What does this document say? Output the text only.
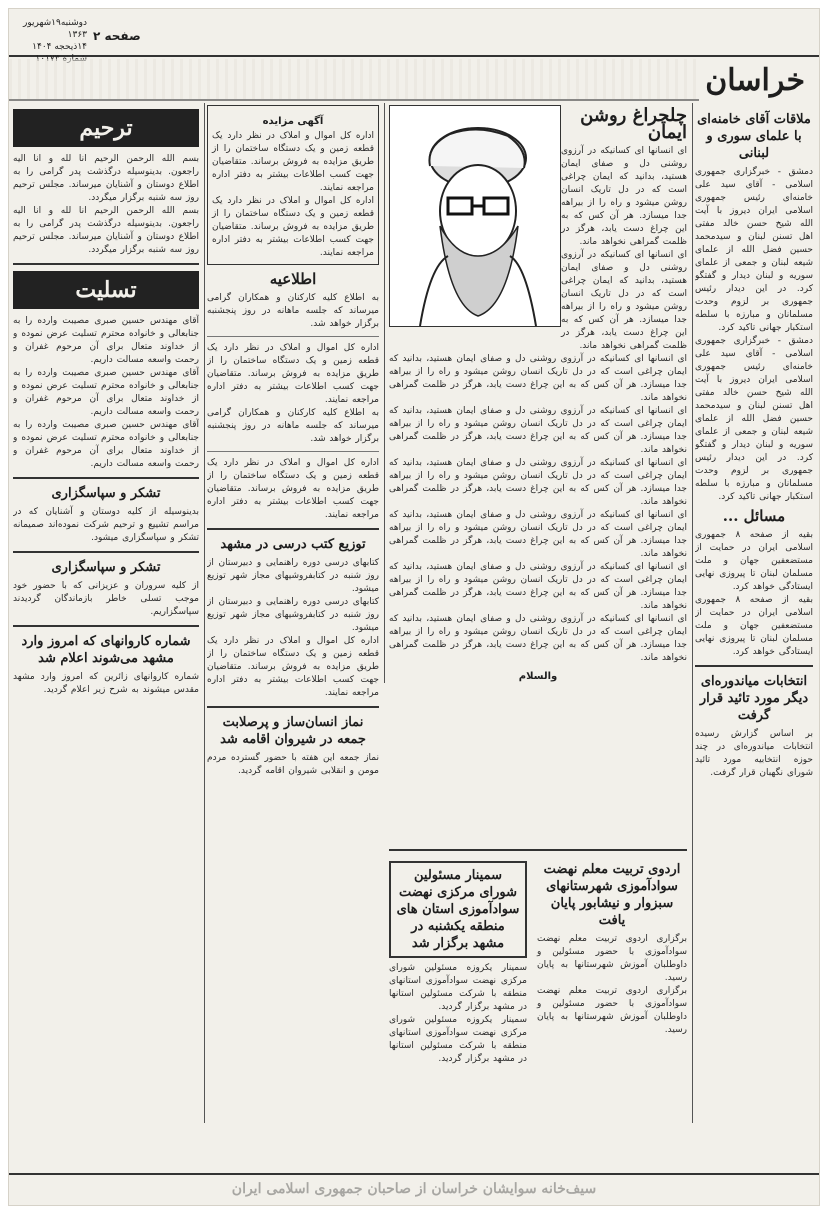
دوشنبه۱۹شهریور ۱۳۶۳
۱۴ذیحجه ۱۴۰۴
صفحه ۲
خراسان
ملاقات آقای خامنه‌ای با علمای سوری و لبنانی
دمشق - خبرگزاری جمهوری اسلامی - آقای سید علی خامنه‌ای رئیس جمهوری اسلامی ایران دیروز با آیت الله شیخ حسن خالد مفتی اهل تسنن لبنان و سیدمحمد حسین فضل الله از علمای شیعه لبنان و جمعی از علمای سوریه و لبنان دیدار و گفتگو کرد. در این دیدار رئیس جمهوری بر لزوم وحدت مسلمانان و مبارزه با سلطه استکبار جهانی تاکید کرد.
دمشق - خبرگزاری جمهوری اسلامی - آقای سید علی خامنه‌ای رئیس جمهوری اسلامی ایران دیروز با آیت الله شیخ حسن خالد مفتی اهل تسنن لبنان و سیدمحمد حسین فضل الله از علمای شیعه لبنان و جمعی از علمای سوریه و لبنان دیدار و گفتگو کرد. در این دیدار رئیس جمهوری بر لزوم وحدت مسلمانان و مبارزه با سلطه استکبار جهانی تاکید کرد.
مسائل ...
بقیه از صفحه ۸ جمهوری اسلامی ایران در حمایت از مستضعفین جهان و ملت مسلمان لبنان تا پیروزی نهایی ایستادگی خواهد کرد.
بقیه از صفحه ۸ جمهوری اسلامی ایران در حمایت از مستضعفین جهان و ملت مسلمان لبنان تا پیروزی نهایی ایستادگی خواهد کرد.
انتخابات میاندوره‌ای دیگر مورد تائید قرار گرفت
بر اساس گزارش رسیده انتخابات میاندوره‌ای در چند حوزه انتخابیه مورد تائید شورای نگهبان قرار گرفت.
چلچراغ روشن ایمان
ای انسانها ای کسانیکه در آرزوی روشنی دل و صفای ایمان هستید، بدانید که ایمان چراغی است که در دل تاریک انسان روشن میشود و راه را از بیراهه جدا میسازد. هر آن کس که به این چراغ دست یابد، هرگز در ظلمت گمراهی نخواهد ماند.
ای انسانها ای کسانیکه در آرزوی روشنی دل و صفای ایمان هستید، بدانید که ایمان چراغی است که در دل تاریک انسان روشن میشود و راه را از بیراهه جدا میسازد. هر آن کس که به این چراغ دست یابد، هرگز در ظلمت گمراهی نخواهد ماند.
ای انسانها ای کسانیکه در آرزوی روشنی دل و صفای ایمان هستید، بدانید که ایمان چراغی است که در دل تاریک انسان روشن میشود و راه را از بیراهه جدا میسازد. هر آن کس که به این چراغ دست یابد، هرگز در ظلمت گمراهی نخواهد ماند.
ای انسانها ای کسانیکه در آرزوی روشنی دل و صفای ایمان هستید، بدانید که ایمان چراغی است که در دل تاریک انسان روشن میشود و راه را از بیراهه جدا میسازد. هر آن کس که به این چراغ دست یابد، هرگز در ظلمت گمراهی نخواهد ماند.
ای انسانها ای کسانیکه در آرزوی روشنی دل و صفای ایمان هستید، بدانید که ایمان چراغی است که در دل تاریک انسان روشن میشود و راه را از بیراهه جدا میسازد. هر آن کس که به این چراغ دست یابد، هرگز در ظلمت گمراهی نخواهد ماند.
ای انسانها ای کسانیکه در آرزوی روشنی دل و صفای ایمان هستید، بدانید که ایمان چراغی است که در دل تاریک انسان روشن میشود و راه را از بیراهه جدا میسازد. هر آن کس که به این چراغ دست یابد، هرگز در ظلمت گمراهی نخواهد ماند.
ای انسانها ای کسانیکه در آرزوی روشنی دل و صفای ایمان هستید، بدانید که ایمان چراغی است که در دل تاریک انسان روشن میشود و راه را از بیراهه جدا میسازد. هر آن کس که به این چراغ دست یابد، هرگز در ظلمت گمراهی نخواهد ماند.
ای انسانها ای کسانیکه در آرزوی روشنی دل و صفای ایمان هستید، بدانید که ایمان چراغی است که در دل تاریک انسان روشن میشود و راه را از بیراهه جدا میسازد. هر آن کس که به این چراغ دست یابد، هرگز در ظلمت گمراهی نخواهد ماند.
والسلام
اردوی تربیت معلم نهضت سوادآموزی شهرستانهای سبزوار و نیشابور پایان یافت
برگزاری اردوی تربیت معلم نهضت سوادآموزی با حضور مسئولین و داوطلبان آموزش شهرستانها به پایان رسید.
برگزاری اردوی تربیت معلم نهضت سوادآموزی با حضور مسئولین و داوطلبان آموزش شهرستانها به پایان رسید.
سمینار مسئولین شورای مرکزی نهضت سوادآموزی استان های منطقه یکشنبه در مشهد برگزار شد
سمینار یکروزه مسئولین شورای مرکزی نهضت سوادآموزی استانهای منطقه با شرکت مسئولین استانها در مشهد برگزار گردید.
سمینار یکروزه مسئولین شورای مرکزی نهضت سوادآموزی استانهای منطقه با شرکت مسئولین استانها در مشهد برگزار گردید.
آگهی مزایده
اداره کل اموال و املاک در نظر دارد یک قطعه زمین و یک دستگاه ساختمان را از طریق مزایده به فروش برساند. متقاضیان جهت کسب اطلاعات بیشتر به دفتر اداره مراجعه نمایند.
اداره کل اموال و املاک در نظر دارد یک قطعه زمین و یک دستگاه ساختمان را از طریق مزایده به فروش برساند. متقاضیان جهت کسب اطلاعات بیشتر به دفتر اداره مراجعه نمایند.
اطلاعیه
به اطلاع کلیه کارکنان و همکاران گرامی میرساند که جلسه ماهانه در روز پنجشنبه برگزار خواهد شد.
اداره کل اموال و املاک در نظر دارد یک قطعه زمین و یک دستگاه ساختمان را از طریق مزایده به فروش برساند. متقاضیان جهت کسب اطلاعات بیشتر به دفتر اداره مراجعه نمایند.
به اطلاع کلیه کارکنان و همکاران گرامی میرساند که جلسه ماهانه در روز پنجشنبه برگزار خواهد شد.
اداره کل اموال و املاک در نظر دارد یک قطعه زمین و یک دستگاه ساختمان را از طریق مزایده به فروش برساند. متقاضیان جهت کسب اطلاعات بیشتر به دفتر اداره مراجعه نمایند.
توزیع کتب درسی در مشهد
کتابهای درسی دوره راهنمایی و دبیرستان از روز شنبه در کتابفروشیهای مجاز شهر توزیع میشود.
کتابهای درسی دوره راهنمایی و دبیرستان از روز شنبه در کتابفروشیهای مجاز شهر توزیع میشود.
اداره کل اموال و املاک در نظر دارد یک قطعه زمین و یک دستگاه ساختمان را از طریق مزایده به فروش برساند. متقاضیان جهت کسب اطلاعات بیشتر به دفتر اداره مراجعه نمایند.
نماز انسان‌ساز و پرصلابت جمعه در شیروان اقامه شد
نماز جمعه این هفته با حضور گسترده مردم مومن و انقلابی شیروان اقامه گردید.
ترحیم
بسم الله الرحمن الرحیم انا لله و انا الیه راجعون. بدینوسیله درگذشت پدر گرامی را به اطلاع دوستان و آشنایان میرساند. مجلس ترحیم روز سه شنبه برگزار میگردد.
بسم الله الرحمن الرحیم انا لله و انا الیه راجعون. بدینوسیله درگذشت پدر گرامی را به اطلاع دوستان و آشنایان میرساند. مجلس ترحیم روز سه شنبه برگزار میگردد.
تسلیت
آقای مهندس حسین صبری مصیبت وارده را به جنابعالی و خانواده محترم تسلیت عرض نموده و از خداوند متعال برای آن مرحوم غفران و رحمت واسعه مسالت داریم.
آقای مهندس حسین صبری مصیبت وارده را به جنابعالی و خانواده محترم تسلیت عرض نموده و از خداوند متعال برای آن مرحوم غفران و رحمت واسعه مسالت داریم.
آقای مهندس حسین صبری مصیبت وارده را به جنابعالی و خانواده محترم تسلیت عرض نموده و از خداوند متعال برای آن مرحوم غفران و رحمت واسعه مسالت داریم.
تشکر و سپاسگزاری
بدینوسیله از کلیه دوستان و آشنایان که در مراسم تشییع و ترحیم شرکت نموده‌اند صمیمانه تشکر و سپاسگزاری میشود.
تشکر و سپاسگزاری
از کلیه سروران و عزیزانی که با حضور خود موجب تسلی خاطر بازماندگان گردیدند سپاسگزاریم.
شماره کاروانهای که امروز وارد مشهد می‌شوند اعلام شد
شماره کاروانهای زائرین که امروز وارد مشهد مقدس میشوند به شرح زیر اعلام گردید.
سیف‌خانه سوایشان خراسان از صاحبان جمهوری اسلامی ایران
